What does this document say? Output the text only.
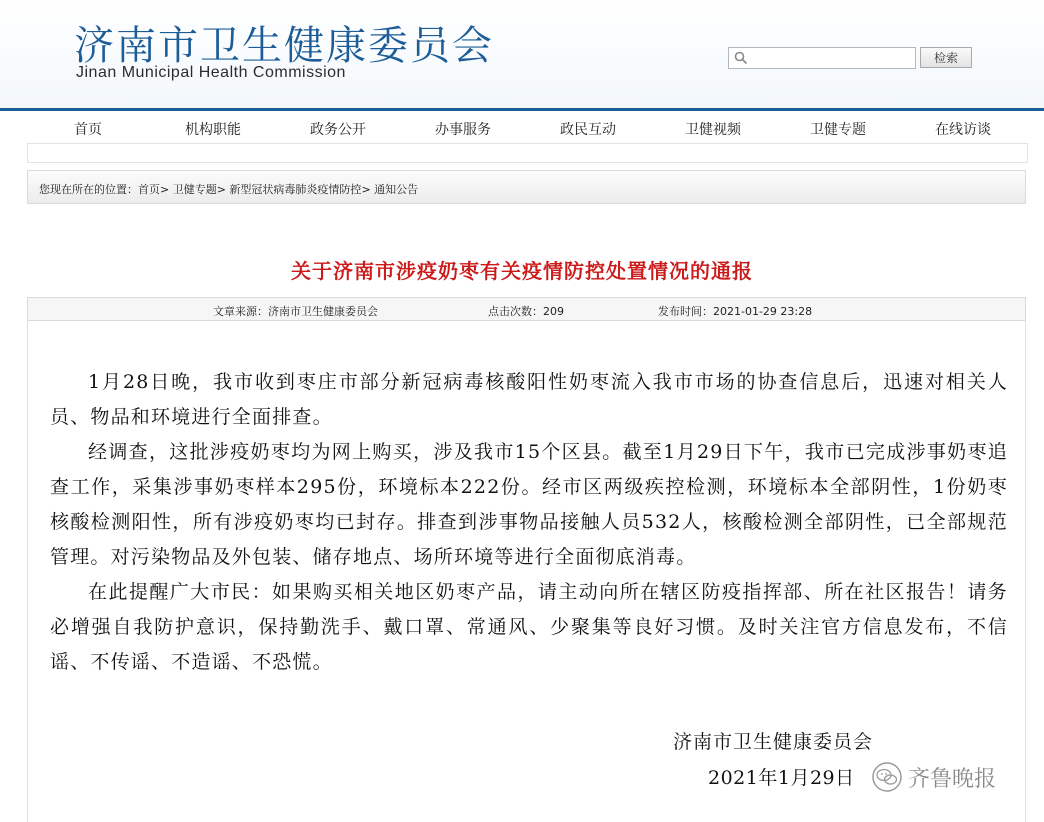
济南市卫生健康委员会
Jinan Municipal Health Commission
检索
首页	机构职能	政务公开	办事服务	政民互动	卫健视频	卫健专题	在线访谈
您现在所在的位置：首页> 卫健专题> 新型冠状病毒肺炎疫情防控> 通知公告
关于济南市涉疫奶枣有关疫情防控处置情况的通报
文章来源：济南市卫生健康委员会	点击次数：209	发布时间：2021-01-29 23:28

1月28日晚，我市收到枣庄市部分新冠病毒核酸阳性奶枣流入我市市场的协查信息后，迅速对相关人员、物品和环境进行全面排查。

经调查，这批涉疫奶枣均为网上购买，涉及我市15个区县。截至1月29日下午，我市已完成涉事奶枣追查工作，采集涉事奶枣样本295份，环境标本222份。经市区两级疾控检测，环境标本全部阴性，1份奶枣核酸检测阳性，所有涉疫奶枣均已封存。排查到涉事物品接触人员532人，核酸检测全部阴性，已全部规范管理。对污染物品及外包装、储存地点、场所环境等进行全面彻底消毒。

在此提醒广大市民：如果购买相关地区奶枣产品，请主动向所在辖区防疫指挥部、所在社区报告！请务必增强自我防护意识，保持勤洗手、戴口罩、常通风、少聚集等良好习惯。及时关注官方信息发布，不信谣、不传谣、不造谣、不恐慌。

济南市卫生健康委员会
2021年1月29日 齐鲁晚报
